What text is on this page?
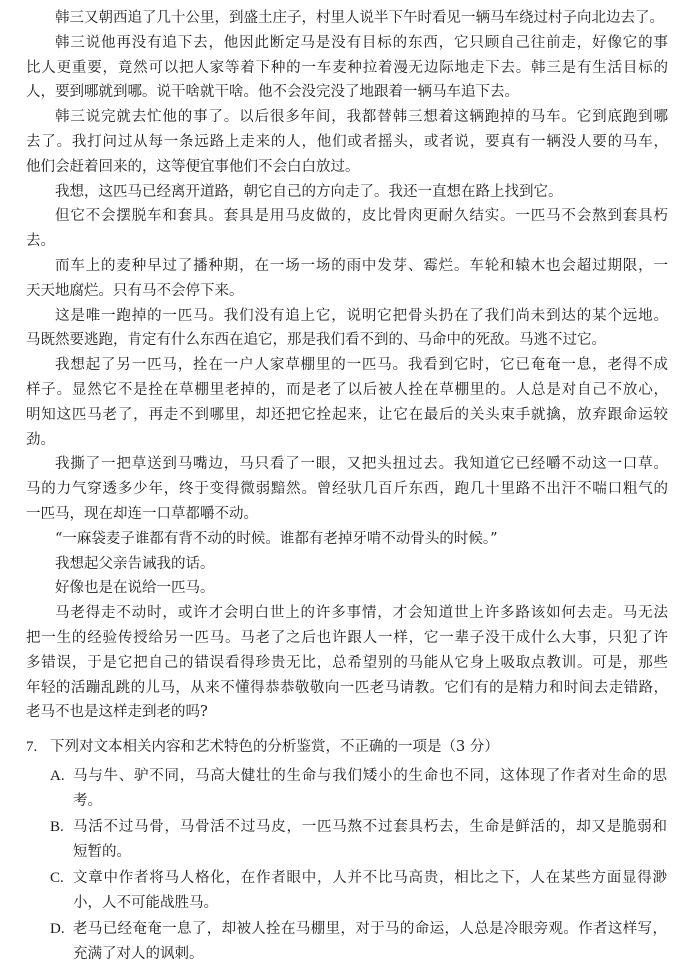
韩三又朝西追了几十公里，到盛土庄子，村里人说半下午时看见一辆马车绕过村子向北边去了。
韩三说他再没有追下去，他因此断定马是没有目标的东西，它只顾自己往前走，好像它的事
比人更重要，竟然可以把人家等着下种的一车麦种拉着漫无边际地走下去。韩三是有生活目标的
人，要到哪就到哪。说干啥就干啥。他不会没完没了地跟着一辆马车追下去。
韩三说完就去忙他的事了。以后很多年间，我都替韩三想着这辆跑掉的马车。它到底跑到哪
去了。我打问过从每一条远路上走来的人，他们或者摇头，或者说，要真有一辆没人要的马车，
他们会赶着回来的，这等便宜事他们不会白白放过。
我想，这匹马已经离开道路，朝它自己的方向走了。我还一直想在路上找到它。
但它不会摆脱车和套具。套具是用马皮做的，皮比骨肉更耐久结实。一匹马不会熬到套具朽
去。
而车上的麦种早过了播种期，在一场一场的雨中发芽、霉烂。车轮和辕木也会超过期限，一
天天地腐烂。只有马不会停下来。
这是唯一跑掉的一匹马。我们没有追上它，说明它把骨头扔在了我们尚未到达的某个远地。
马既然要逃跑，肯定有什么东西在追它，那是我们看不到的、马命中的死敌。马逃不过它。
我想起了另一匹马，拴在一户人家草棚里的一匹马。我看到它时，它已奄奄一息，老得不成
样子。显然它不是拴在草棚里老掉的，而是老了以后被人拴在草棚里的。人总是对自己不放心，
明知这匹马老了，再走不到哪里，却还把它拴起来，让它在最后的关头束手就擒，放弃跟命运较
劲。
我撕了一把草送到马嘴边，马只看了一眼，又把头扭过去。我知道它已经嚼不动这一口草。
马的力气穿透多少年，终于变得微弱黯然。曾经驮几百斤东西，跑几十里路不出汗不喘口粗气的
一匹马，现在却连一口草都嚼不动。
“一麻袋麦子谁都有背不动的时候。谁都有老掉牙啃不动骨头的时候。”
我想起父亲告诫我的话。
好像也是在说给一匹马。
马老得走不动时，或许才会明白世上的许多事情，才会知道世上许多路该如何去走。马无法
把一生的经验传授给另一匹马。马老了之后也许跟人一样，它一辈子没干成什么大事，只犯了许
多错误，于是它把自己的错误看得珍贵无比，总希望别的马能从它身上吸取点教训。可是，那些
年轻的活蹦乱跳的儿马，从来不懂得恭恭敬敬向一匹老马请教。它们有的是精力和时间去走错路，
老马不也是这样走到老的吗?
7. 下列对文本相关内容和艺术特色的分析鉴赏，不正确的一项是（3 分）
A. 马与牛、驴不同，马高大健壮的生命与我们矮小的生命也不同，这体现了作者对生命的思
考。
B. 马活不过马骨，马骨活不过马皮，一匹马熬不过套具朽去，生命是鲜活的，却又是脆弱和
短暂的。
C. 文章中作者将马人格化，在作者眼中，人并不比马高贵，相比之下，人在某些方面显得渺
小，人不可能战胜马。
D. 老马已经奄奄一息了，却被人拴在马棚里，对于马的命运，人总是冷眼旁观。作者这样写，
充满了对人的讽刺。
